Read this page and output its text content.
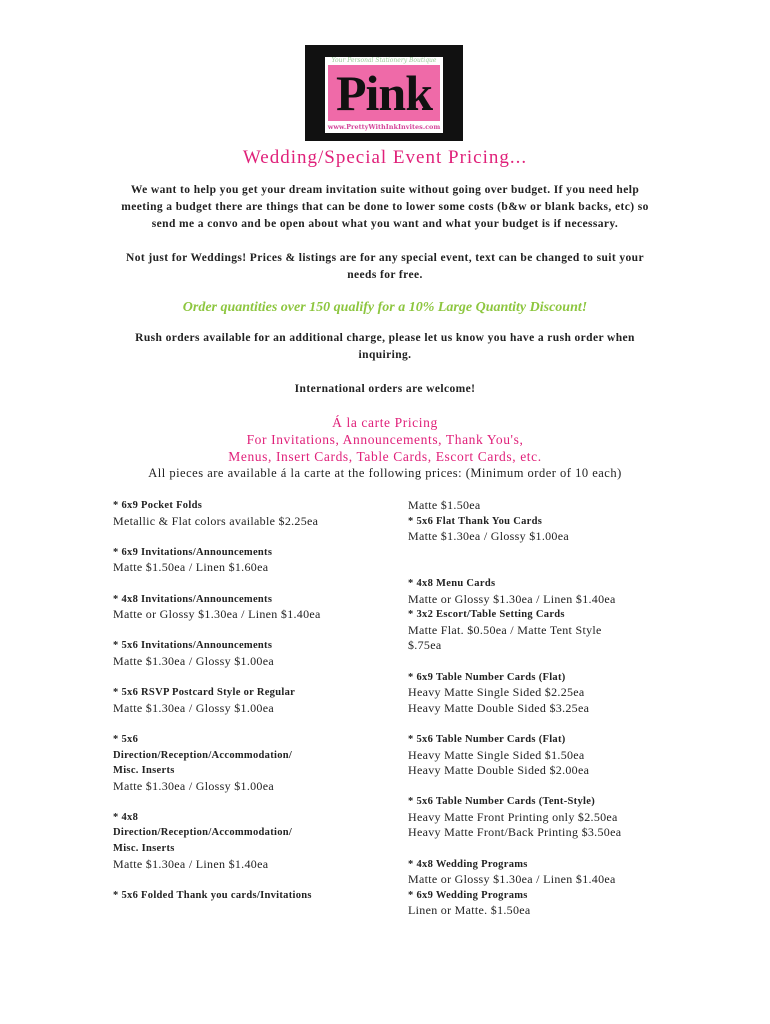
Your Personal Stationery Boutique
Pink
www.PrettyWithInkInvites.com
Wedding/Special Event Pricing...
We want to help you get your dream invitation suite without going over budget. If you need help meeting a budget there are things that can be done to lower some costs (b&w or blank backs, etc) so send me a convo and be open about what you want and what your budget is if necessary.
Not just for Weddings! Prices & listings are for any special event, text can be changed to suit your needs for free.
Order quantities over 150 qualify for a 10% Large Quantity Discount!
Rush orders available for an additional charge, please let us know you have a rush order when inquiring.
International orders are welcome!
Á la carte Pricing
For Invitations, Announcements, Thank You's,
Menus, Insert Cards, Table Cards, Escort Cards, etc.
All pieces are available á la carte at the following prices: (Minimum order of 10 each)
* 6x9 Pocket Folds
Metallic & Flat colors available $2.25ea
* 6x9 Invitations/Announcements
Matte $1.50ea / Linen $1.60ea
* 4x8 Invitations/Announcements
Matte or Glossy $1.30ea / Linen $1.40ea
* 5x6 Invitations/Announcements
Matte $1.30ea / Glossy $1.00ea
* 5x6 RSVP Postcard Style or Regular
Matte $1.30ea / Glossy $1.00ea
* 5x6
Direction/Reception/Accommodation/
Misc. Inserts
Matte $1.30ea / Glossy $1.00ea
* 4x8
Direction/Reception/Accommodation/
Misc. Inserts
Matte $1.30ea / Linen $1.40ea
* 5x6 Folded Thank you cards/Invitations
Matte $1.50ea
* 5x6 Flat Thank You Cards
Matte $1.30ea / Glossy $1.00ea
* 4x8 Menu Cards
Matte or Glossy $1.30ea / Linen $1.40ea
* 3x2 Escort/Table Setting Cards
Matte Flat. $0.50ea / Matte Tent Style
$.75ea
* 6x9 Table Number Cards (Flat)
Heavy Matte Single Sided $2.25ea
Heavy Matte Double Sided $3.25ea
* 5x6 Table Number Cards (Flat)
Heavy Matte Single Sided $1.50ea
Heavy Matte Double Sided $2.00ea
* 5x6 Table Number Cards (Tent-Style)
Heavy Matte Front Printing only $2.50ea
Heavy Matte Front/Back Printing $3.50ea
* 4x8 Wedding Programs
Matte or Glossy $1.30ea / Linen $1.40ea
* 6x9 Wedding Programs
Linen or Matte. $1.50ea
